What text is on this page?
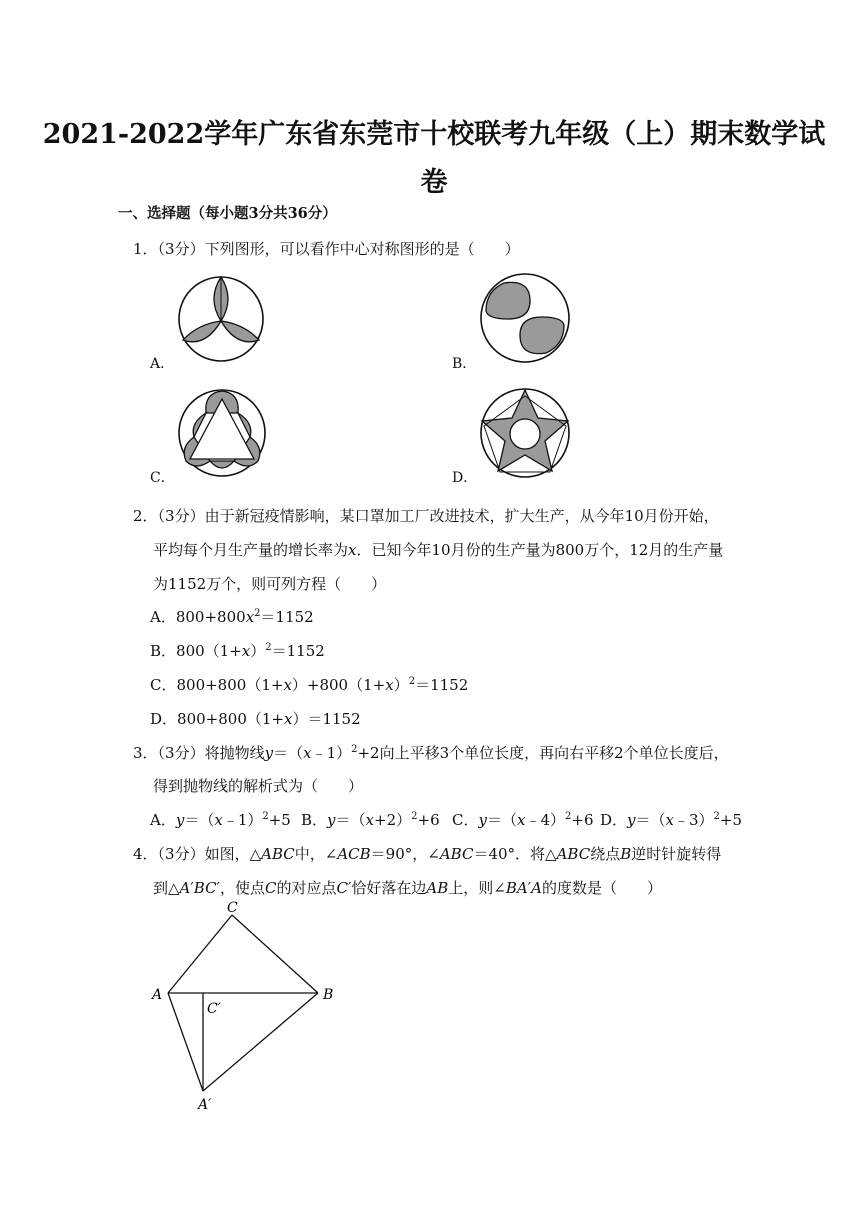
2021-2022学年广东省东莞市十校联考九年级（上）期末数学试
卷
一、选择题（每小题3分共36分）
1．（3分）下列图形，可以看作中心对称图形的是（　　）
A．	B．
C．	D．
2．（3分）由于新冠疫情影响，某口罩加工厂改进技术，扩大生产，从今年10月份开始，
平均每个月生产量的增长率为x．已知今年10月份的生产量为800万个，12月的生产量
为1152万个，则可列方程（　　）
A．$800+800x^2=1152$
B．$800(1+x)^2=1152$
C．$800+800(1+x)+800(1+x)^2=1152$
D．800+800（1+x）＝1152
3．（3分）将抛物线y＝（x﹣1）$^2$+2向上平移3个单位长度，再向右平移2个单位长度后，
得到抛物线的解析式为（　　）
A．y＝（x﹣1）$^2$+5 B．$y=(x+2)^2+6$ C．y＝（x﹣4）$^2$+6 D．y＝（x﹣3）$^2$+5
4．（3分）如图，△ABC中，∠ACB＝90°，∠ABC＝40°．将△ABC绕点B逆时针旋转得
到△A′BC′，使点C的对应点C′恰好落在边AB上，则∠BA′A的度数是（　　）
C
A	B
C′
A′
